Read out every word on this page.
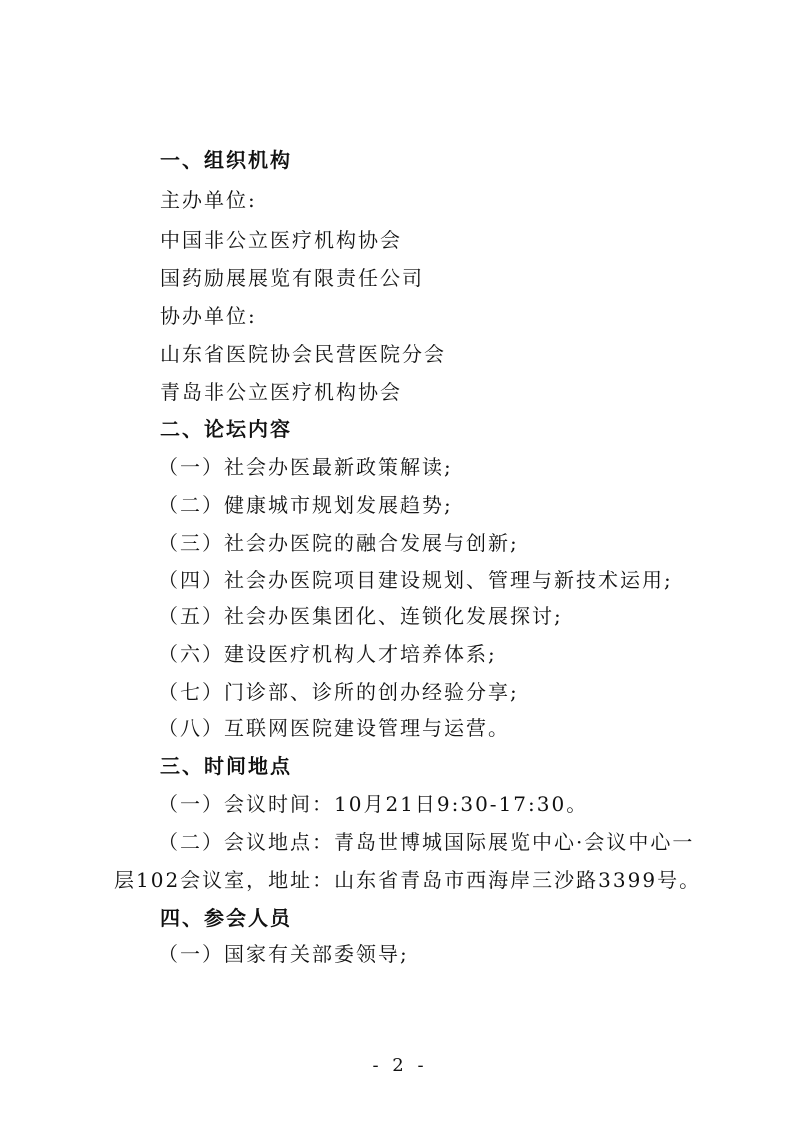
一、组织机构
主办单位:
中国非公立医疗机构协会
国药励展展览有限责任公司
协办单位:
山东省医院协会民营医院分会
青岛非公立医疗机构协会
二、论坛内容
（一）社会办医最新政策解读;
（二）健康城市规划发展趋势;
（三）社会办医院的融合发展与创新;
（四）社会办医院项目建设规划、管理与新技术运用;
（五）社会办医集团化、连锁化发展探讨;
（六）建设医疗机构人才培养体系;
（七）门诊部、诊所的创办经验分享;
（八）互联网医院建设管理与运营。
三、时间地点
（一）会议时间：10月21日9:30-17:30。
（二）会议地点：青岛世博城国际展览中心·会议中心一
层102会议室，地址：山东省青岛市西海岸三沙路3399号。
四、参会人员
（一）国家有关部委领导;
- 2 -
